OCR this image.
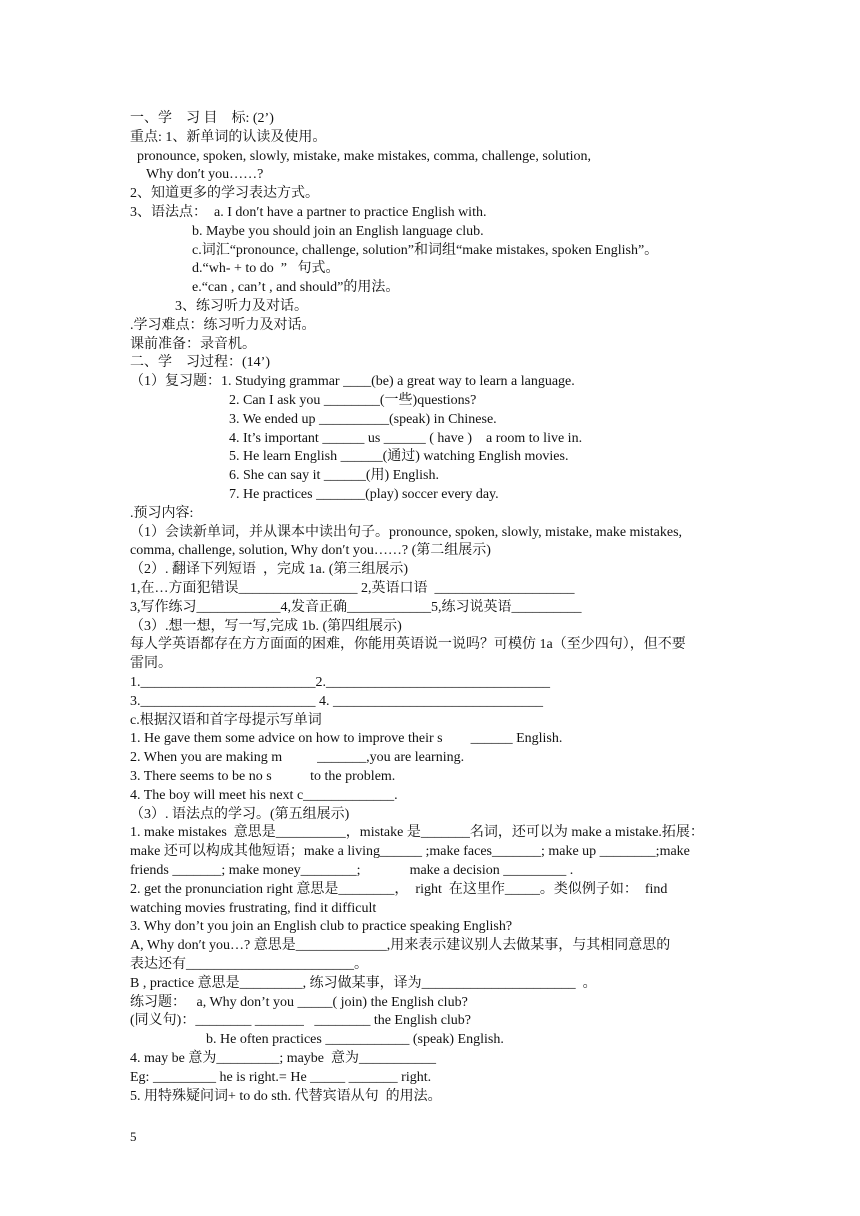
一、学　习 目　标: (2’)
重点: 1、新单词的认读及使用。
pronounce, spoken, slowly, mistake, make mistakes, comma, challenge, solution,
Why don′t you……?
2、知道更多的学习表达方式。
3、语法点：  a. I don′t have a partner to practice English with.
b. Maybe you should join an English language club.
c.词汇“pronounce, challenge, solution”和词组“make mistakes, spoken English”。
d.“wh- + to do  ”   句式。
e.“can , can’t , and should”的用法。
3、练习听力及对话。
.学习难点：练习听力及对话。
课前准备：录音机。
二、学　习过程：(14’)
（1）复习题：1. Studying grammar ____(be) a great way to learn a language.
2. Can I ask you ________(一些)questions?
3. We ended up __________(speak) in Chinese.
4. It’s important ______ us ______ ( have )    a room to live in.
5. He learn English ______(通过) watching English movies.
6. She can say it ______(用) English.
7. He practices _______(play) soccer every day.
.预习内容:
（1）会读新单词，并从课本中读出句子。pronounce, spoken, slowly, mistake, make mistakes,
comma, challenge, solution, Why don′t you……? (第二组展示)
（2）. 翻译下列短语  ，完成 1a. (第三组展示)
1,在…方面犯错误_________________ 2,英语口语  ____________________
3,写作练习____________4,发音正确____________5,练习说英语__________
（3）.想一想，写一写,完成 1b. (第四组展示)
每人学英语都存在方方面面的困难，你能用英语说一说吗？可模仿 1a（至少四句），但不要
雷同。
1._________________________2.________________________________
3._________________________ 4. ______________________________
c.根据汉语和首字母提示写单词
1. He gave them some advice on how to improve their s        ______ English.
2. When you are making m          _______,you are learning.
3. There seems to be no s           to the problem.
4. The boy will meet his next c_____________.
（3）. 语法点的学习。(第五组展示)
1. make mistakes  意思是__________，mistake 是_______名词，还可以为 make a mistake.拓展：
make 还可以构成其他短语；make a living______ ;make faces_______; make up ________;make
friends _______; make money________;              make a decision _________ .
2. get the pronunciation right 意思是________，  right  在这里作_____。类似例子如：  find
watching movies frustrating, find it difficult
3. Why don’t you join an English club to practice speaking English?
A, Why don′t you…? 意思是_____________,用来表示建议别人去做某事，与其相同意思的
表达还有________________________。
B , practice 意思是_________, 练习做某事，译为______________________  。
练习题：   a, Why don’t you _____( join) the English club?
(同义句)：________ _______   ________ the English club?
b. He often practices ____________ (speak) English.
4. may be 意为_________; maybe  意为___________
Eg: _________ he is right.= He _____ _______ right.
5. 用特殊疑问词+ to do sth. 代替宾语从句  的用法。
5
